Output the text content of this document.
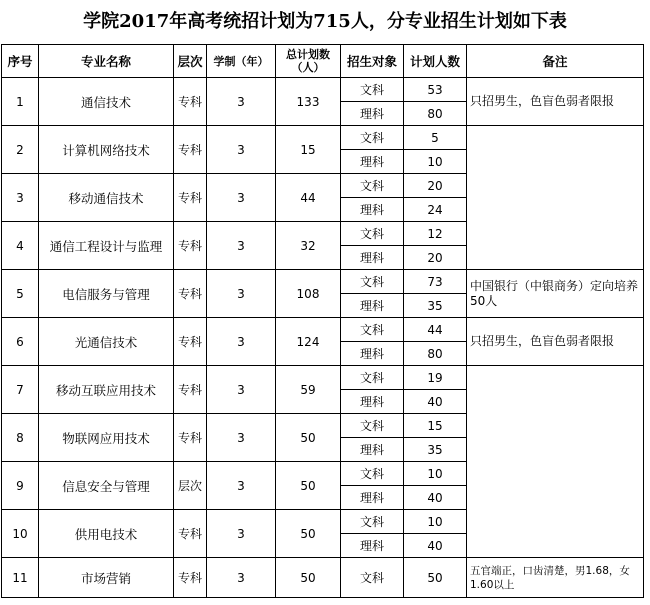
学院2017年高考统招计划为715人，分专业招生计划如下表
序号	专业名称	层次	学制（年）	总计划数
（人）	招生对象	计划人数	备注
1	通信技术	专科	3	133	文科	53	只招男生，色盲色弱者限报
					理科	80	
2	计算机网络技术	专科	3	15	文科	5	
					理科	10	
3	移动通信技术	专科	3	44	文科	20	
					理科	24	
4	通信工程设计与监理	专科	3	32	文科	12	
					理科	20	
5	电信服务与管理	专科	3	108	文科	73	中国银行（中银商务）定向培养50人
					理科	35	
6	光通信技术	专科	3	124	文科	44	只招男生，色盲色弱者限报
					理科	80	
7	移动互联应用技术	专科	3	59	文科	19	
					理科	40	
8	物联网应用技术	专科	3	50	文科	15	
					理科	35	
9	信息安全与管理	层次	3	50	文科	10	
					理科	40	
10	供用电技术	专科	3	50	文科	10	
					理科	40	
11	市场营销	专科	3	50	文科	50	五官端正，口齿清楚，男1.68，女1.60以上
